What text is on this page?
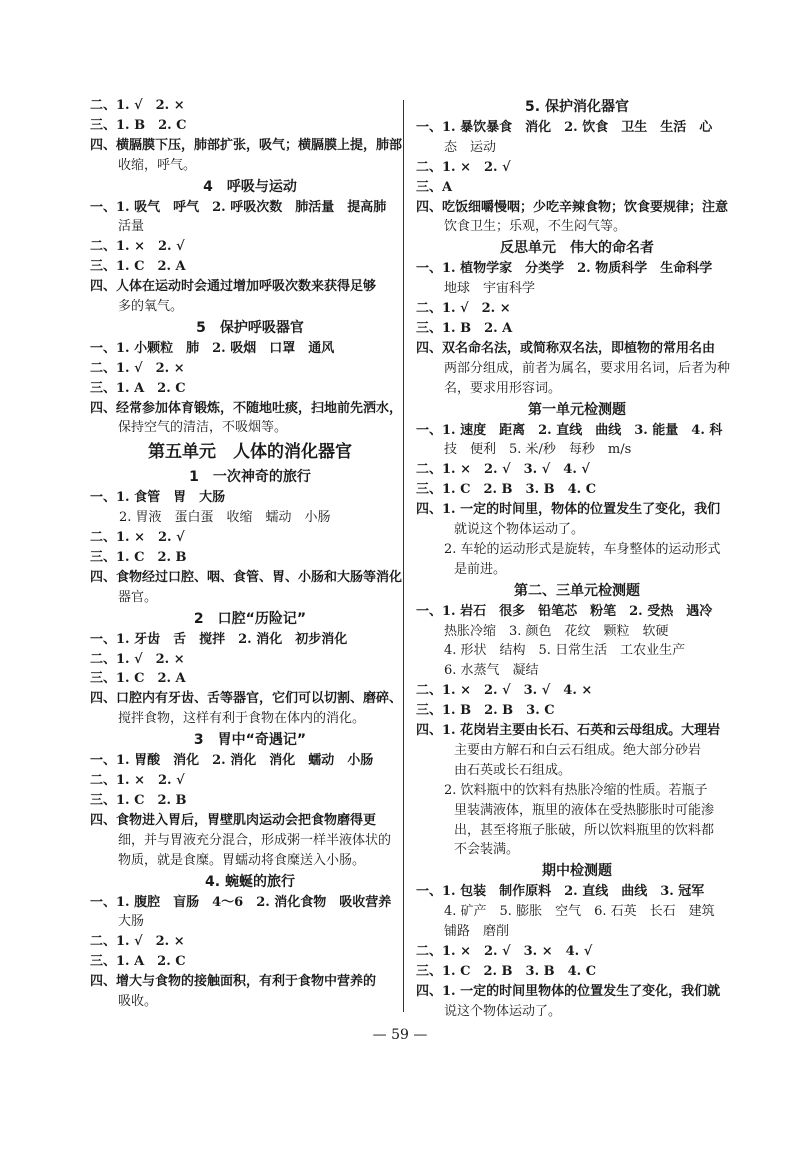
二、1. √　2. ×
三、1. B　2. C
四、横膈膜下压，肺部扩张，吸气；横膈膜上提，肺部
收缩，呼气。
4　呼吸与运动
一、1. 吸气　呼气　2. 呼吸次数　肺活量　提高肺
活量
二、1. ×　2. √
三、1. C　2. A
四、人体在运动时会通过增加呼吸次数来获得足够
多的氧气。
5　保护呼吸器官
一、1. 小颗粒　肺　2. 吸烟　口罩　通风
二、1. √　2. ×
三、1. A　2. C
四、经常参加体育锻炼，不随地吐痰，扫地前先洒水，
保持空气的清洁，不吸烟等。
第五单元　人体的消化器官
1　一次神奇的旅行
一、1. 食管　胃　大肠
　2. 胃液　蛋白蛋　收缩　蠕动　小肠
二、1. ×　2. √
三、1. C　2. B
四、食物经过口腔、咽、食管、胃、小肠和大肠等消化
器官。
2　口腔“历险记”
一、1. 牙齿　舌　搅拌　2. 消化　初步消化
二、1. √　2. ×
三、1. C　2. A
四、口腔内有牙齿、舌等器官，它们可以切割、磨碎、
搅拌食物，这样有利于食物在体内的消化。
3　胃中“奇遇记”
一、1. 胃酸　消化　2. 消化　消化　蠕动　小肠
二、1. ×　2. √
三、1. C　2. B
四、食物进入胃后，胃壁肌肉运动会把食物磨得更
细，并与胃液充分混合，形成粥一样半液体状的
物质，就是食糜。胃蠕动将食糜送入小肠。
4. 蜿蜒的旅行
一、1. 腹腔　盲肠　4～6　2. 消化食物　吸收营养
大肠
二、1. √　2. ×
三、1. A　2. C
四、增大与食物的接触面积，有利于食物中营养的
吸收。
5. 保护消化器官
一、1. 暴饮暴食　消化　2. 饮食　卫生　生活　心
态　运动
二、1. ×　2. √
三、A
四、吃饭细嚼慢咽；少吃辛辣食物；饮食要规律；注意
饮食卫生；乐观，不生闷气等。
反思单元　伟大的命名者
一、1. 植物学家　分类学　2. 物质科学　生命科学
地球　宇宙科学
二、1. √　2. ×
三、1. B　2. A
四、双名命名法，或简称双名法，即植物的常用名由
两部分组成，前者为属名，要求用名词，后者为种
名，要求用形容词。
第一单元检测题
一、1. 速度　距离　2. 直线　曲线　3. 能量　4. 科
技　便利　5. 米/秒　每秒　m/s
二、1. ×　2. √　3. √　4. √
三、1. C　2. B　3. B　4. C
四、1. 一定的时间里，物体的位置发生了变化，我们
就说这个物体运动了。
2. 车轮的运动形式是旋转，车身整体的运动形式
是前进。
第二、三单元检测题
一、1. 岩石　很多　铅笔芯　粉笔　2. 受热　遇冷
热胀冷缩　3. 颜色　花纹　颗粒　软硬
4. 形状　结构　5. 日常生活　工农业生产
6. 水蒸气　凝结
二、1. ×　2. √　3. √　4. ×
三、1. B　2. B　3. C
四、1. 花岗岩主要由长石、石英和云母组成。大理岩
主要由方解石和白云石组成。绝大部分砂岩
由石英或长石组成。
2. 饮料瓶中的饮料有热胀冷缩的性质。若瓶子
里装满液体，瓶里的液体在受热膨胀时可能渗
出，甚至将瓶子胀破，所以饮料瓶里的饮料都
不会装满。
期中检测题
一、1. 包装　制作原料　2. 直线　曲线　3. 冠军
4. 矿产　5. 膨胀　空气　6. 石英　长石　建筑
铺路　磨削
二、1. ×　2. √　3. ×　4. √
三、1. C　2. B　3. B　4. C
四、1. 一定的时间里物体的位置发生了变化，我们就
说这个物体运动了。
— 59 —
